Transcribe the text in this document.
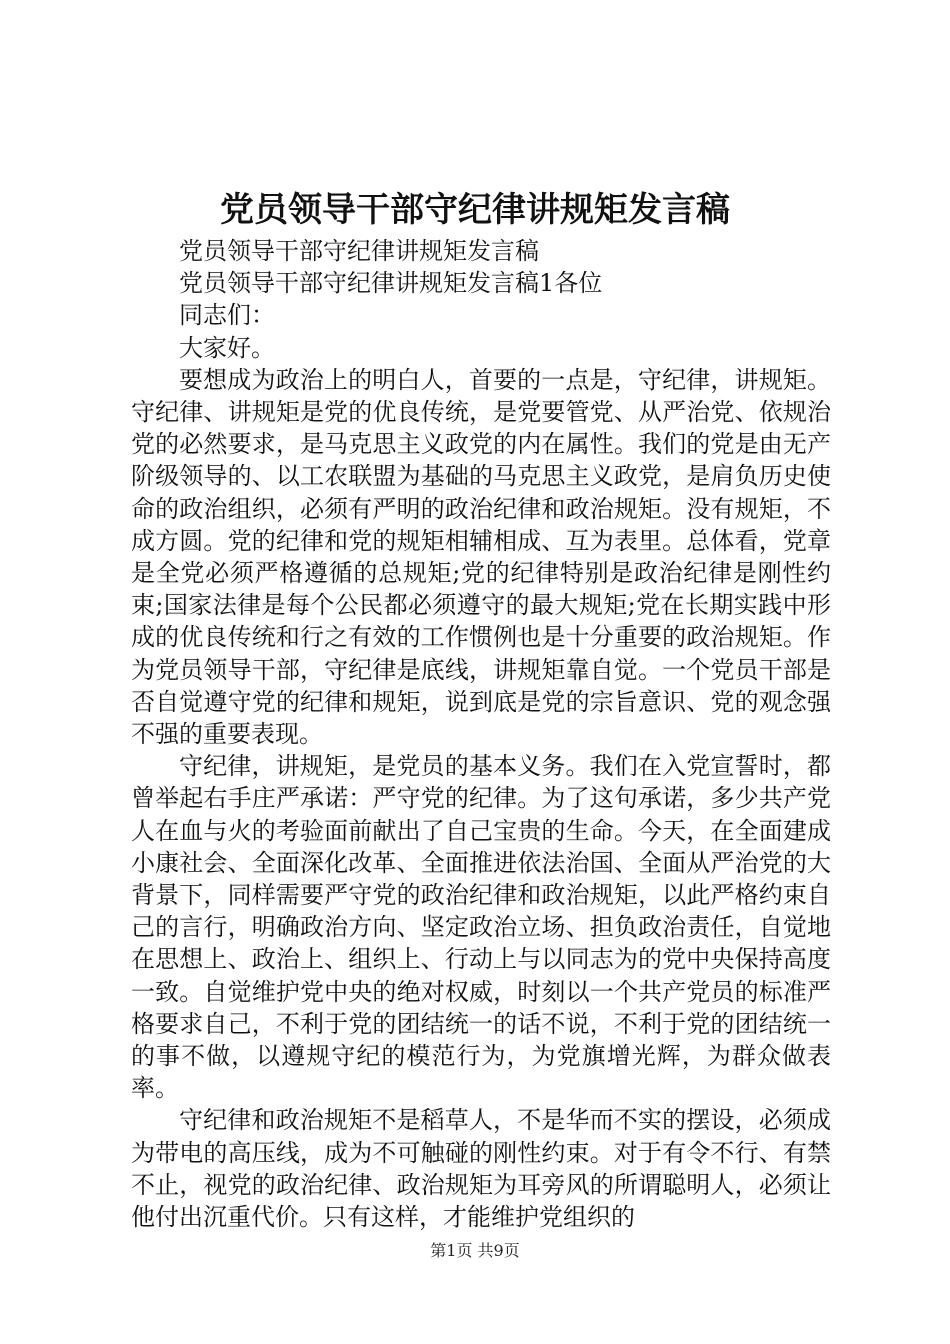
党员领导干部守纪律讲规矩发言稿

党员领导干部守纪律讲规矩发言稿

党员领导干部守纪律讲规矩发言稿1各位

同志们：

大家好。

要想成为政治上的明白人，首要的一点是，守纪律，讲规矩。守纪律、讲规矩是党的优良传统，是党要管党、从严治党、依规治党的必然要求，是马克思主义政党的内在属性。我们的党是由无产阶级领导的、以工农联盟为基础的马克思主义政党，是肩负历史使命的政治组织，必须有严明的政治纪律和政治规矩。没有规矩，不成方圆。党的纪律和党的规矩相辅相成、互为表里。总体看，党章是全党必须严格遵循的总规矩;党的纪律特别是政治纪律是刚性约束;国家法律是每个公民都必须遵守的最大规矩;党在长期实践中形成的优良传统和行之有效的工作惯例也是十分重要的政治规矩。作为党员领导干部，守纪律是底线，讲规矩靠自觉。一个党员干部是否自觉遵守党的纪律和规矩，说到底是党的宗旨意识、党的观念强不强的重要表现。

守纪律，讲规矩，是党员的基本义务。我们在入党宣誓时，都曾举起右手庄严承诺：严守党的纪律。为了这句承诺，多少共产党人在血与火的考验面前献出了自己宝贵的生命。今天，在全面建成小康社会、全面深化改革、全面推进依法治国、全面从严治党的大背景下，同样需要严守党的政治纪律和政治规矩，以此严格约束自己的言行，明确政治方向、坚定政治立场、担负政治责任，自觉地在思想上、政治上、组织上、行动上与以同志为的党中央保持高度一致。自觉维护党中央的绝对权威，时刻以一个共产党员的标准严格要求自己，不利于党的团结统一的话不说，不利于党的团结统一的事不做，以遵规守纪的模范行为，为党旗增光辉，为群众做表率。

守纪律和政治规矩不是稻草人，不是华而不实的摆设，必须成为带电的高压线，成为不可触碰的刚性约束。对于有令不行、有禁不止，视党的政治纪律、政治规矩为耳旁风的所谓聪明人，必须让他付出沉重代价。只有这样，才能维护党组织的

第1页 共9页
